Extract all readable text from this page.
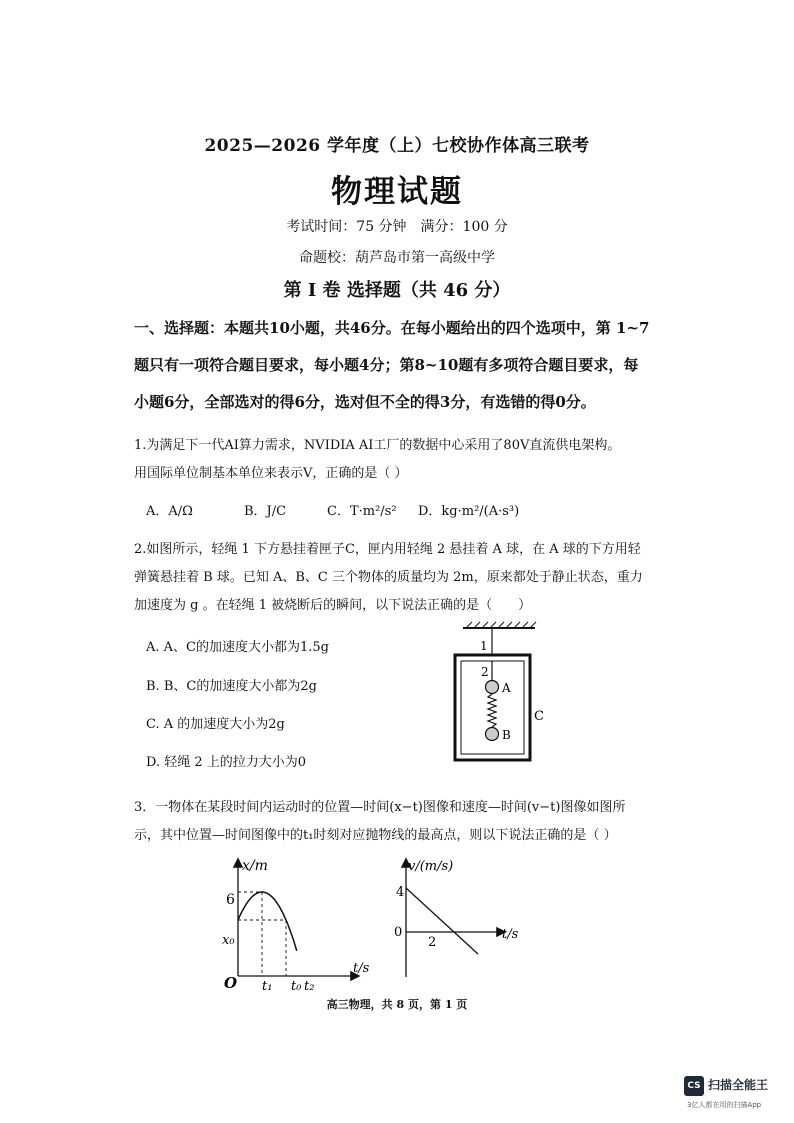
2025—2026 学年度（上）七校协作体高三联考
物理试题
考试时间：75 分钟　满分：100 分
命题校：葫芦岛市第一高级中学
第 I 卷 选择题（共 46 分）
一、选择题：本题共10小题，共46分。在每小题给出的四个选项中，第 1~7
题只有一项符合题目要求，每小题4分；第8~10题有多项符合题目要求，每
小题6分，全部选对的得6分，选对但不全的得3分，有选错的得0分。
1.为满足下一代AI算力需求，NVIDIA AI工厂的数据中心采用了80V直流供电架构。
用国际单位制基本单位来表示V，正确的是（ ）
A．A/Ω	B．J/C	C．T·m²/s² D．kg·m²/(A·s³)
2.如图所示，轻绳 1 下方悬挂着匣子C，匣内用轻绳 2 悬挂着 A 球，在 A 球的下方用轻
弹簧悬挂着 B 球。已知 A、B、C 三个物体的质量均为 2m，原来都处于静止状态，重力
加速度为 g 。在轻绳 1 被烧断后的瞬间，以下说法正确的是（　　）
A. A、C的加速度大小都为1.5g
B. B、C的加速度大小都为2g
C. A 的加速度大小为2g
D. 轻绳 2 上的拉力大小为0
1
2
A
B
C
3．一物体在某段时间内运动时的位置—时间(x−t)图像和速度—时间(v−t)图像如图所
示，其中位置—时间图像中的t₁时刻对应抛物线的最高点，则以下说法正确的是（ ）
x/m
t/s
O t₁ t₀ t₂
6
x₀
v/(m/s)
t/s
4
0
2
高三物理，共 8 页，第 1 页
CS 扫描全能王
3亿人都在用的扫描App
